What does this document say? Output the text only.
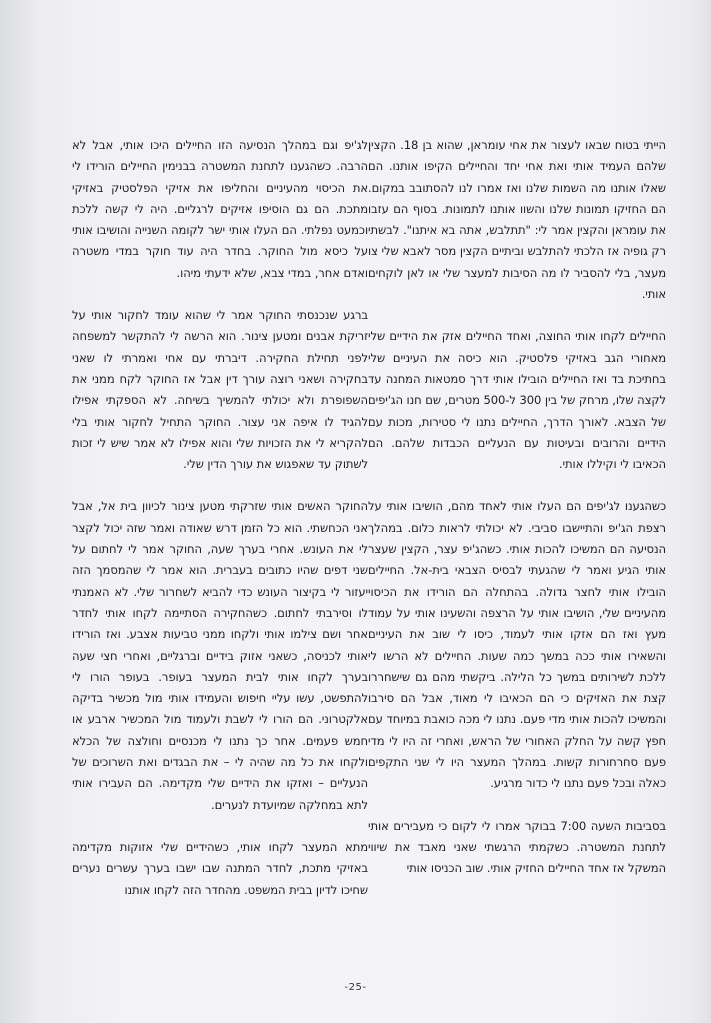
הייתי בטוח שבאו לעצור את אחי עומראן, שהוא בן 18. הקצין שלהם העמיד אותי ואת אחי יחד והחיילים הקיפו אותנו. הם שאלו אותנו מה השמות שלנו ואז אמרו לנו להסתובב במקום. הם החזיקו תמונות שלנו והשוו אותנו לתמונות. בסוף הם עזבו את עומראן והקצין אמר לי: "תתלבש, אתה בא איתנו". לבשתי רק גופיה אז הלכתי להתלבש וביתיים הקצין מסר לאבא שלי צו מעצר, בלי להסביר לו מה הסיבות למעצר שלי או לאן לוקחים אותי.

החיילים לקחו אותי החוצה, ואחד החיילים אזק את הידיים שלי מאחורי הגב באזיקי פלסטיק. הוא כיסה את העיניים שלי בחתיכת בד ואז החיילים הובילו אותי דרך סמטאות המחנה עד לקצה שלו, מרחק של בין 300 ל-500 מטרים, שם חנו הג'יפים של הצבא. לאורך הדרך, החיילים נתנו לי סטירות, מכות עם הידיים והרובים ובעיטות עם הנעליים הכבדות שלהם. הם הכאיבו לי וקיללו אותי.

כשהגענו לג'יפים הם העלו אותי לאחד מהם, הושיבו אותי על רצפת הג'יפ והתיישבו סביבי. לא יכולתי לראות כלום. במהלך הנסיעה הם המשיכו להכות אותי. כשהג'יפ עצר, הקצין שעצר אותי הגיע ואמר לי שהגעתי לבסיס הצבאי בית-אל. החיילים הובילו אותי לחצר גדולה. בהתחלה הם הורידו את הכיסוי מהעיניים שלי, הושיבו אותי על הרצפה והשעינו אותי על עמוד מעץ ואז הם אזקו אותי לעמוד, כיסו לי שוב את העיניים והשאירו אותי ככה במשך כמה שעות. החיילים לא הרשו לי ללכת לשירותים במשך כל הלילה. ביקשתי מהם גם שישחררו קצת את האזיקים כי הם הכאיבו לי מאוד, אבל הם סירבו והמשיכו להכות אותי מדי פעם. נתנו לי מכה כואבת במיוחד עם חפץ קשה על החלק האחורי של הראש, ואחרי זה היו לי מדי פעם סחרחורות קשות. במהלך המעצר היו לי שני התקפים כאלה ובכל פעם נתנו לי כדור מרגיע.

בסביבות השעה 7:00 בבוקר אמרו לי לקום כי מעבירים אותי לתחנת המשטרה. כשקמתי הרגשתי שאני מאבד את שיווי המשקל אז אחד החיילים החזיק אותי. שוב הכניסו אותי

לג'יפ וגם במהלך הנסיעה הזו החיילים היכו אותי, אבל לא הרבה. כשהגענו לתחנת המשטרה בבנימין החיילים הורידו לי את הכיסוי מהעיניים והחליפו את אזיקי הפלסטיק באזיקי מתכת. הם גם הוסיפו אזיקים לרגליים. היה לי קשה ללכת וכמעט נפלתי. הם העלו אותי ישר לקומה השנייה והושיבו אותי על כיסא מול החוקר. בחדר היה עוד חוקר במדי משטרה ואדם אחר, במדי צבא, שלא ידעתי מיהו.

ברגע שנכנסתי החוקר אמר לי שהוא עומד לחקור אותי על זריקת אבנים ומטען צינור. הוא הרשה לי להתקשר למשפחה לפני תחילת החקירה. דיברתי עם אחי ואמרתי לו שאני בחקירה ושאני רוצה עורך דין אבל אז החוקר לקח ממני את השפופרת ולא יכולתי להמשיך בשיחה. לא הספקתי אפילו להגיד לו איפה אני עצור. החוקר התחיל לחקור אותי בלי להקריא לי את הזכויות שלי והוא אפילו לא אמר שיש לי זכות לשתוק עד שאפגוש את עורך הדין שלי.

החוקר האשים אותי שזרקתי מטען צינור לכיוון בית אל, אבל אני הכחשתי. הוא כל הזמן דרש שאודה ואמר שזה יכול לקצר לי את העונש. אחרי בערך שעה, החוקר אמר לי לחתום על שני דפים שהיו כתובים בעברית. הוא אמר לי שהמסמך הזה יעזור לי בקיצור העונש כדי להביא לשחרור שלי. לא האמנתי לו וסירבתי לחתום. כשהחקירה הסתיימה לקחו אותי לחדר אחר ושם צילמו אותי ולקחו ממני טביעות אצבע. ואז הורידו אותי לכניסה, כשאני אזוק בידיים וברגליים, ואחרי חצי שעה בערך לקחו אותי לבית המעצר בעופר. בעופר הורו לי להתפשט, עשו עליי חיפוש והעמידו אותי מול מכשיר בדיקה אלקטרוני. הם הורו לי לשבת ולעמוד מול המכשיר ארבע או חמש פעמים. אחר כך נתנו לי מכנסיים וחולצה של הכלא ולקחו את כל מה שהיה לי – את הבגדים ואת השרוכים של הנעליים – ואזקו את הידיים שלי מקדימה. הם העבירו אותי לתא במחלקה שמיועדת לנערים.

מתא המעצר לקחו אותי, כשהידיים שלי אזוקות מקדימה באזיקי מתכת, לחדר המתנה שבו ישבו בערך עשרים נערים שחיכו לדיון בבית המשפט. מהחדר הזה לקחו אותנו

-25-
